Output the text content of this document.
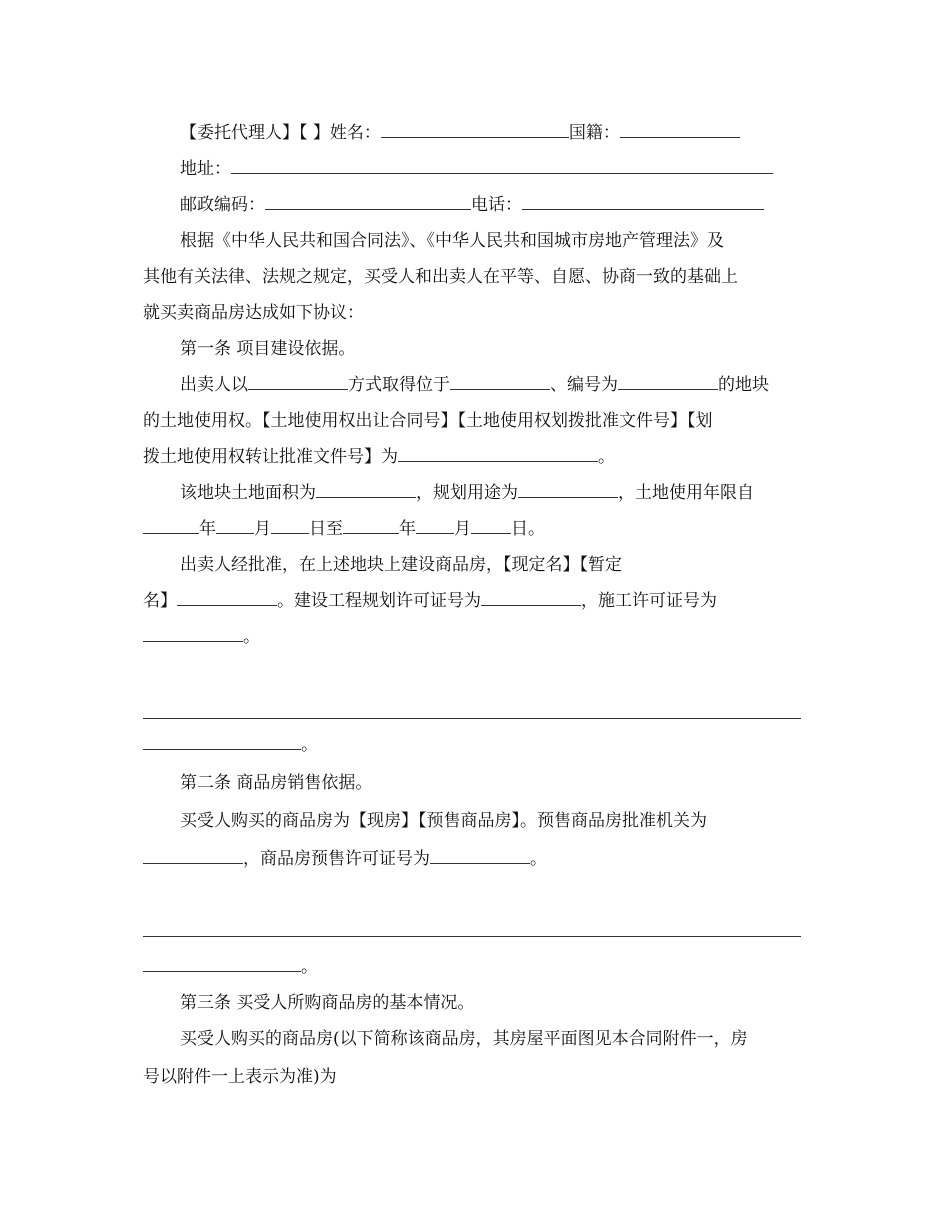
【委托代理人】【 】姓名：	国籍：
地址：
邮政编码：	电话：
根据《中华人民共和国合同法》、《中华人民共和国城市房地产管理法》及
其他有关法律、法规之规定，买受人和出卖人在平等、自愿、协商一致的基础上
就买卖商品房达成如下协议：
第一条 项目建设依据。
出卖人以	方式取得位于	、编号为	的地块
的土地使用权。【土地使用权出让合同号】【土地使用权划拨批准文件号】【划
拨土地使用权转让批准文件号】为	。
该地块土地面积为	，规划用途为	，土地使用年限自
年 月 日至	年 月 日。
出卖人经批准，在上述地块上建设商品房，【现定名】【暂定
名】	。建设工程规划许可证号为	，施工许可证号为
。
。
第二条 商品房销售依据。
买受人购买的商品房为【现房】【预售商品房】。预售商品房批准机关为
，商品房预售许可证号为	。
。
第三条 买受人所购商品房的基本情况。
买受人购买的商品房(以下简称该商品房，其房屋平面图见本合同附件一，房
号以附件一上表示为准)为
